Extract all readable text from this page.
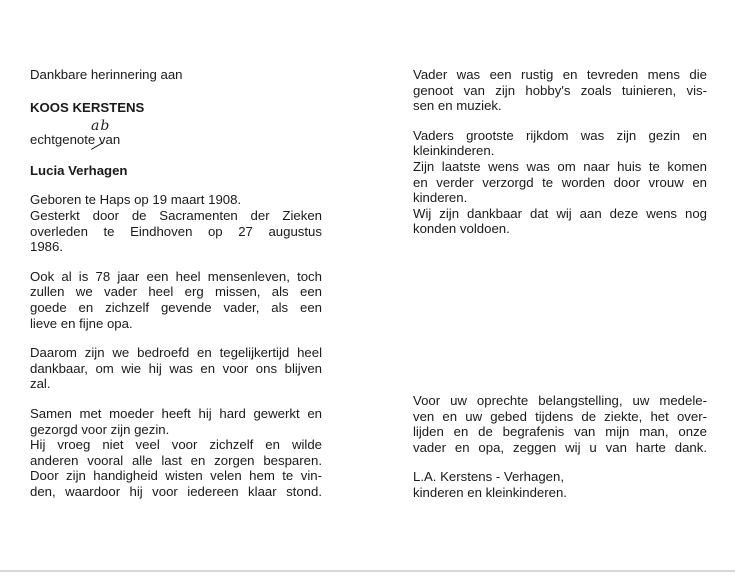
Dankbare herinnering aan
KOOS KERSTENS
echtgenote van
Lucia Verhagen
Geboren te Haps op 19 maart 1908.
Gesterkt door de Sacramenten der Zieken
overleden te Eindhoven op 27 augustus
1986.
Ook al is 78 jaar een heel mensenleven, toch
zullen we vader heel erg missen, als een
goede en zichzelf gevende vader, als een
lieve en fijne opa.
Daarom zijn we bedroefd en tegelijkertijd heel
dankbaar, om wie hij was en voor ons blijven
zal.
Samen met moeder heeft hij hard gewerkt en
gezorgd voor zijn gezin.
Hij vroeg niet veel voor zichzelf en wilde
anderen vooral alle last en zorgen besparen.
Door zijn handigheid wisten velen hem te vin-
den, waardoor hij voor iedereen klaar stond.
ab
Vader was een rustig en tevreden mens die
genoot van zijn hobby's zoals tuinieren, vis-
sen en muziek.
Vaders grootste rijkdom was zijn gezin en
kleinkinderen.
Zijn laatste wens was om naar huis te komen
en verder verzorgd te worden door vrouw en
kinderen.
Wij zijn dankbaar dat wij aan deze wens nog
konden voldoen.
Voor uw oprechte belangstelling, uw medele-
ven en uw gebed tijdens de ziekte, het over-
lijden en de begrafenis van mijn man, onze
vader en opa, zeggen wij u van harte dank.
L.A. Kerstens - Verhagen,
kinderen en kleinkinderen.
